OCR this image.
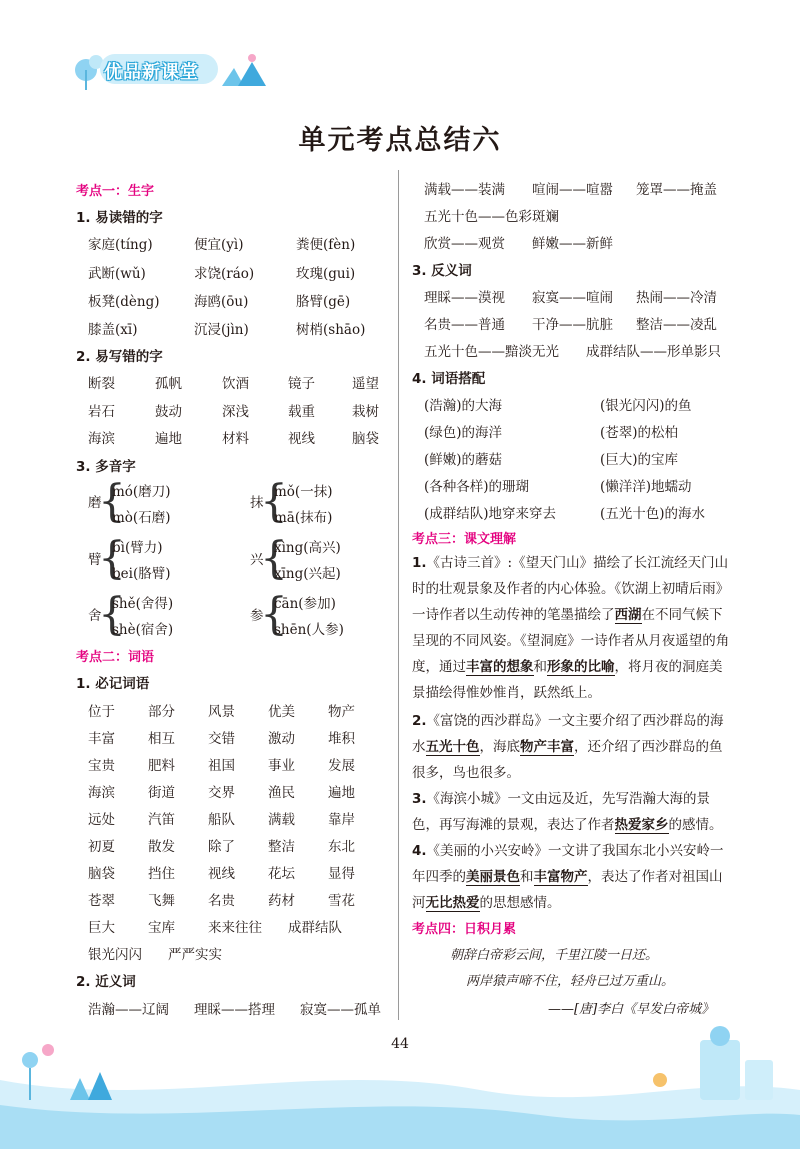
优品新课堂
单元考点总结六
考点一：生字
1. 易读错的字
家庭(tíng)	便宜(yì)	粪便(fèn)
武断(wǔ)	求饶(ráo)	玫瑰(gui)
板凳(dèng)	海鸥(ōu)	胳臂(gē)
膝盖(xī)	沉浸(jìn)	树梢(shāo)
2. 易写错的字
断裂	孤帆	饮酒	镜子	遥望
岩石	鼓动	深浅	载重	栽树
海滨	遍地	材料	视线	脑袋
3. 多音字
磨
{
mó(磨刀)
mò(石磨)
抹
{
mǒ(一抹)
mā(抹布)
臂
{
bì(臂力)
bei(胳臂)
兴
{
xìng(高兴)
xīng(兴起)
舍
{
shě(舍得)
shè(宿舍)
参
{
cān(参加)
shēn(人参)
考点二：词语
1. 必记词语
位于 部分 风景 优美 物产
丰富 相互 交错 激动 堆积
宝贵 肥料 祖国 事业 发展
海滨 街道 交界 渔民 遍地
远处 汽笛 船队 满载 靠岸
初夏 散发 除了 整洁 东北
脑袋 挡住 视线 花坛 显得
苍翠 飞舞 名贵 药材 雪花
巨大 宝库 来来往往 成群结队
银光闪闪 严严实实
2. 近义词
浩瀚——辽阔 理睬——搭理 寂寞——孤单
满载——装满 喧闹——喧嚣 笼罩——掩盖
五光十色——色彩斑斓
欣赏——观赏 鲜嫩——新鲜
3. 反义词
理睬——漠视 寂寞——喧闹 热闹——冷清
名贵——普通 干净——肮脏 整洁——凌乱
五光十色——黯淡无光 成群结队——形单影只
4. 词语搭配
(浩瀚)的大海	(银光闪闪)的鱼
(绿色)的海洋	(苍翠)的松柏
(鲜嫩)的蘑菇	(巨大)的宝库
(各种各样)的珊瑚	(懒洋洋)地蠕动
(成群结队)地穿来穿去	(五光十色)的海水
考点三：课文理解
1.《古诗三首》:《望天门山》描绘了长江流经天门山时的壮观景象及作者的内心体验。《饮湖上初晴后雨》一诗作者以生动传神的笔墨描绘了西湖在不同气候下呈现的不同风姿。《望洞庭》一诗作者从月夜遥望的角度，通过丰富的想象和形象的比喻，将月夜的洞庭美景描绘得惟妙惟肖，跃然纸上。
2.《富饶的西沙群岛》一文主要介绍了西沙群岛的海水五光十色，海底物产丰富，还介绍了西沙群岛的鱼很多，鸟也很多。
3.《海滨小城》一文由远及近，先写浩瀚大海的景色，再写海滩的景观，表达了作者热爱家乡的感情。
4.《美丽的小兴安岭》一文讲了我国东北小兴安岭一年四季的美丽景色和丰富物产，表达了作者对祖国山河无比热爱的思想感情。
考点四：日积月累
朝辞白帝彩云间，千里江陵一日还。
两岸猿声啼不住，轻舟已过万重山。
——[唐]李白《早发白帝城》
44
